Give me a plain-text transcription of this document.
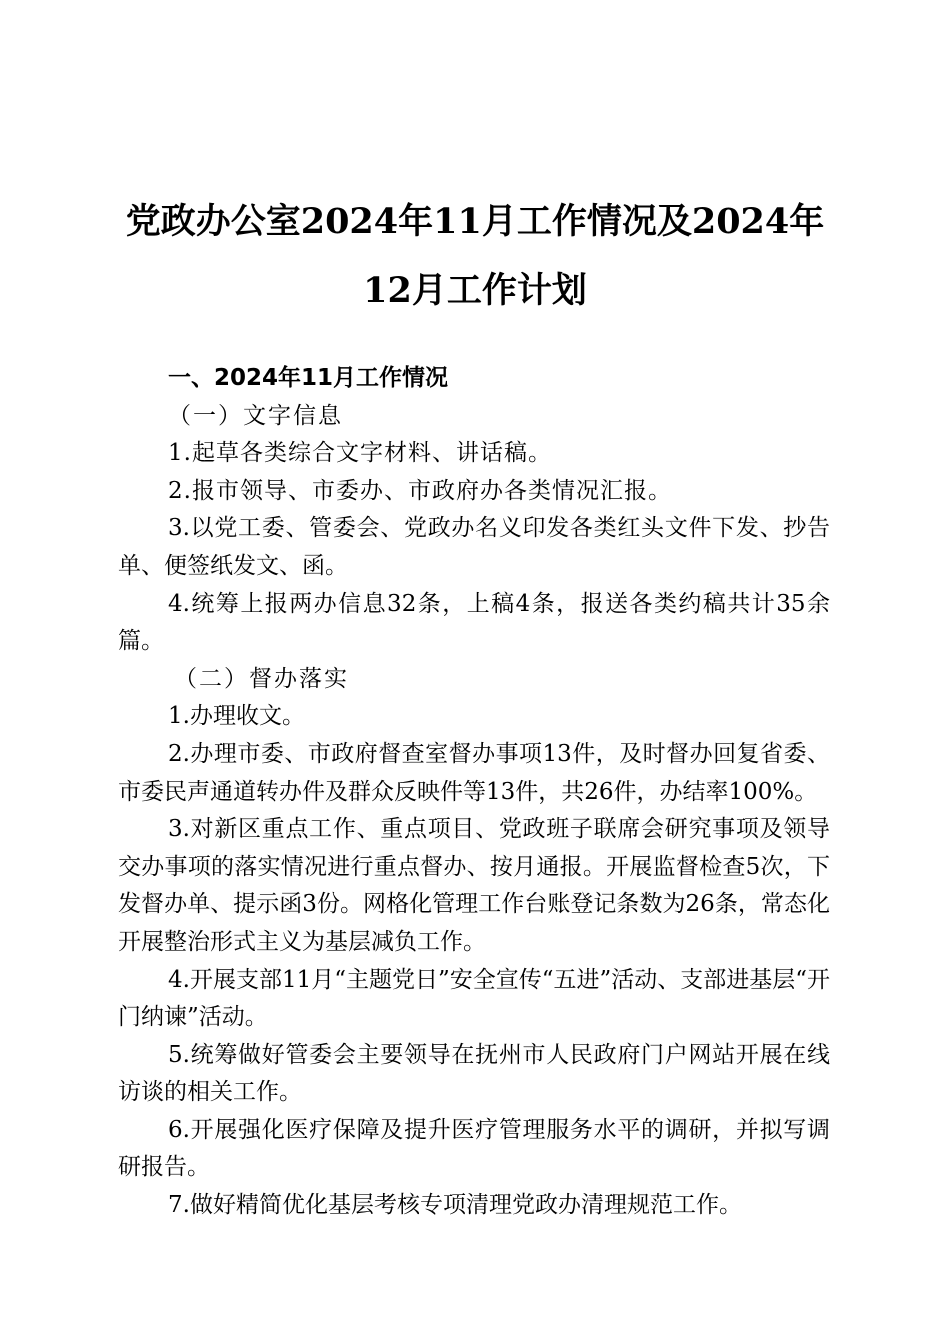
党政办公室2024年11月工作情况及2024年
12月工作计划

一、2024年11月工作情况

（一）文字信息

1.起草各类综合文字材料、讲话稿。

2.报市领导、市委办、市政府办各类情况汇报。

3.以党工委、管委会、党政办名义印发各类红头文件下发、抄告单、便签纸发文、函。

4.统筹上报两办信息32条，上稿4条，报送各类约稿共计35余篇。

（二）督办落实

1.办理收文。

2.办理市委、市政府督查室督办事项13件，及时督办回复省委、市委民声通道转办件及群众反映件等13件，共26件，办结率100%。

3.对新区重点工作、重点项目、党政班子联席会研究事项及领导交办事项的落实情况进行重点督办、按月通报。开展监督检查5次，下发督办单、提示函3份。网格化管理工作台账登记条数为26条，常态化开展整治形式主义为基层减负工作。

4.开展支部11月“主题党日”安全宣传“五进”活动、支部进基层“开门纳谏”活动。

5.统筹做好管委会主要领导在抚州市人民政府门户网站开展在线访谈的相关工作。

6.开展强化医疗保障及提升医疗管理服务水平的调研，并拟写调研报告。

7.做好精简优化基层考核专项清理党政办清理规范工作。
